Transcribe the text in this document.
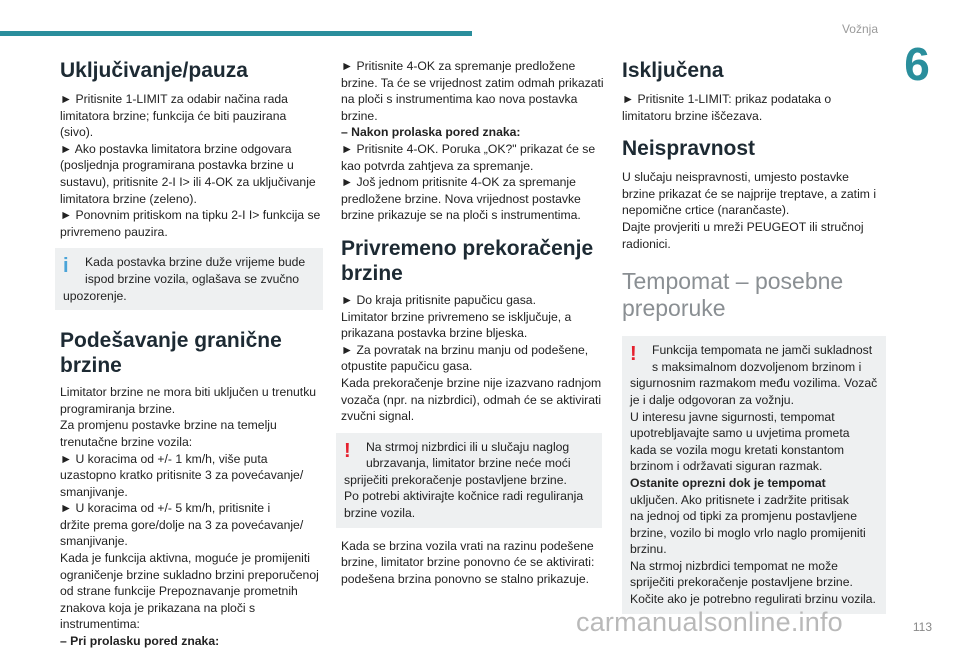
Vožnja
6
Uključivanje/pauza

► Pritisnite 1-LIMIT za odabir načina rada

limitatora brzine; funkcija će biti pauzirana (sivo).

► Ako postavka limitatora brzine odgovara

(posljednja programirana postavka brzine u

sustavu), pritisnite 2-I I> ili 4-OK za uključivanje

limitatora brzine (zeleno).

► Ponovnim pritiskom na tipku 2-I I> funkcija se

privremeno pauzira.

i	Kada postavka brzine duže vrijeme bude

ispod brzine vozila, oglašava se zvučno

upozorenje.

Podešavanje granične
brzine

Limitator brzine ne mora biti uključen u trenutku

programiranja brzine.

Za promjenu postavke brzine na temelju

trenutačne brzine vozila:

► U koracima od +/- 1 km/h, više puta

uzastopno kratko pritisnite 3 za povećavanje/

smanjivanje.

► U koracima od +/- 5 km/h, pritisnite i

držite prema gore/dolje na 3 za povećavanje/

smanjivanje.

Kada je funkcija aktivna, moguće je promijeniti

ograničenje brzine sukladno brzini preporučenoj

od strane funkcije Prepoznavanje prometnih

znakova koja je prikazana na ploči s

instrumentima:

– Pri prolasku pored znaka:

► Pritisnite 4-OK za spremanje predložene

brzine. Ta će se vrijednost zatim odmah prikazati

na ploči s instrumentima kao nova postavka

brzine.

– Nakon prolaska pored znaka:

► Pritisnite 4-OK. Poruka „OK?" prikazat će se

kao potvrda zahtjeva za spremanje.

► Još jednom pritisnite 4-OK za spremanje

predložene brzine. Nova vrijednost postavke

brzine prikazuje se na ploči s instrumentima.

Privremeno prekoračenje
brzine

► Do kraja pritisnite papučicu gasa.

Limitator brzine privremeno se isključuje, a

prikazana postavka brzine bljeska.

► Za povratak na brzinu manju od podešene,

otpustite papučicu gasa.

Kada prekoračenje brzine nije izazvano radnjom

vozača (npr. na nizbrdici), odmah će se aktivirati

zvučni signal.

!	Na strmoj nizbrdici ili u slučaju naglog

ubrzavanja, limitator brzine neće moći

spriječiti prekoračenje postavljene brzine.

Po potrebi aktivirajte kočnice radi reguliranja

brzine vozila.

Kada se brzina vozila vrati na razinu podešene

brzine, limitator brzine ponovno će se aktivirati:

podešena brzina ponovno se stalno prikazuje.

Isključena

► Pritisnite 1-LIMIT: prikaz podataka o

limitatoru brzine iščezava.

Neispravnost

U slučaju neispravnosti, umjesto postavke

brzine prikazat će se najprije treptave, a zatim i

nepomične crtice (narančaste).

Dajte provjeriti u mreži PEUGEOT ili stručnoj

radionici.

Tempomat – posebne
preporuke
!	Funkcija tempomata ne jamči sukladnost

s maksimalnom dozvoljenom brzinom i

sigurnosnim razmakom među vozilima. Vozač

je i dalje odgovoran za vožnju.

U interesu javne sigurnosti, tempomat

upotrebljavajte samo u uvjetima prometa

kada se vozila mogu kretati konstantom

brzinom i održavati siguran razmak.

Ostanite oprezni dok je tempomat

uključen. Ako pritisnete i zadržite pritisak

na jednoj od tipki za promjenu postavljene

brzine, vozilo bi moglo vrlo naglo promijeniti

brzinu.

Na strmoj nizbrdici tempomat ne može

spriječiti prekoračenje postavljene brzine.

Kočite ako je potrebno regulirati brzinu vozila.

carmanualsonline.info	113
